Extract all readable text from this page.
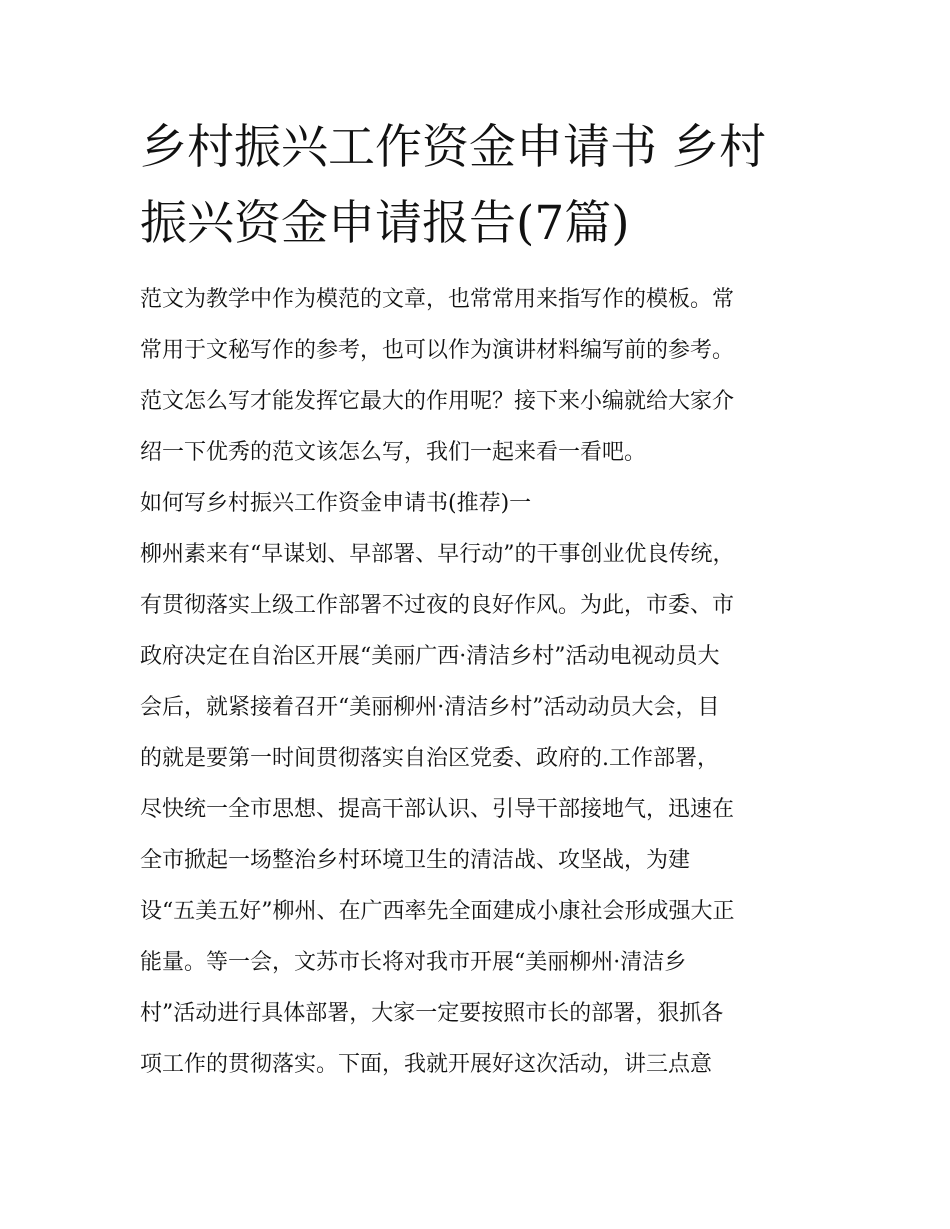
乡村振兴工作资金申请书 乡村
振兴资金申请报告(7篇)
范文为教学中作为模范的文章，也常常用来指写作的模板。常
常用于文秘写作的参考，也可以作为演讲材料编写前的参考。
范文怎么写才能发挥它最大的作用呢？接下来小编就给大家介
绍一下优秀的范文该怎么写，我们一起来看一看吧。
如何写乡村振兴工作资金申请书(推荐)一
柳州素来有“早谋划、早部署、早行动”的干事创业优良传统，
有贯彻落实上级工作部署不过夜的良好作风。为此，市委、市
政府决定在自治区开展“美丽广西·清洁乡村”活动电视动员大
会后，就紧接着召开“美丽柳州·清洁乡村”活动动员大会，目
的就是要第一时间贯彻落实自治区党委、政府的.工作部署，
尽快统一全市思想、提高干部认识、引导干部接地气，迅速在
全市掀起一场整治乡村环境卫生的清洁战、攻坚战，为建
设“五美五好”柳州、在广西率先全面建成小康社会形成强大正
能量。等一会，文苏市长将对我市开展“美丽柳州·清洁乡
村”活动进行具体部署，大家一定要按照市长的部署，狠抓各
项工作的贯彻落实。下面，我就开展好这次活动，讲三点意
